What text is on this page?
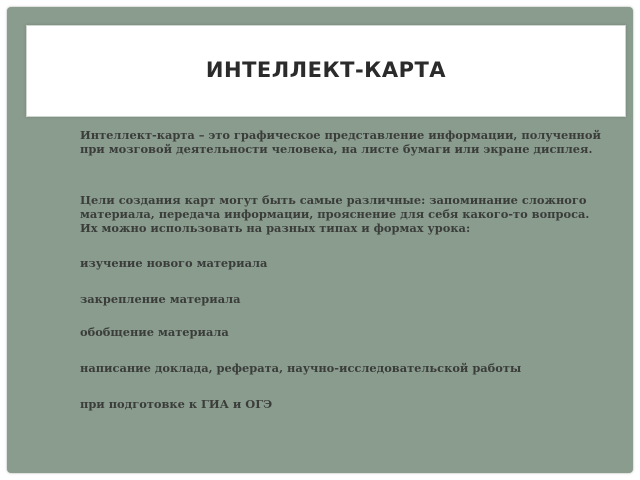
ИНТЕЛЛЕКТ-КАРТА

Интеллект-карта – это графическое представление информации, полученной при мозговой деятельности человека, на листе бумаги или экране дисплея.

Цели создания карт могут быть самые различные: запоминание сложного материала, передача информации, прояснение для себя какого-то вопроса. Их можно использовать на разных типах и формах урока:

изучение нового материала

закрепление материала

обобщение материала

написание доклада, реферата, научно-исследовательской работы

при подготовке к ГИА и ОГЭ
